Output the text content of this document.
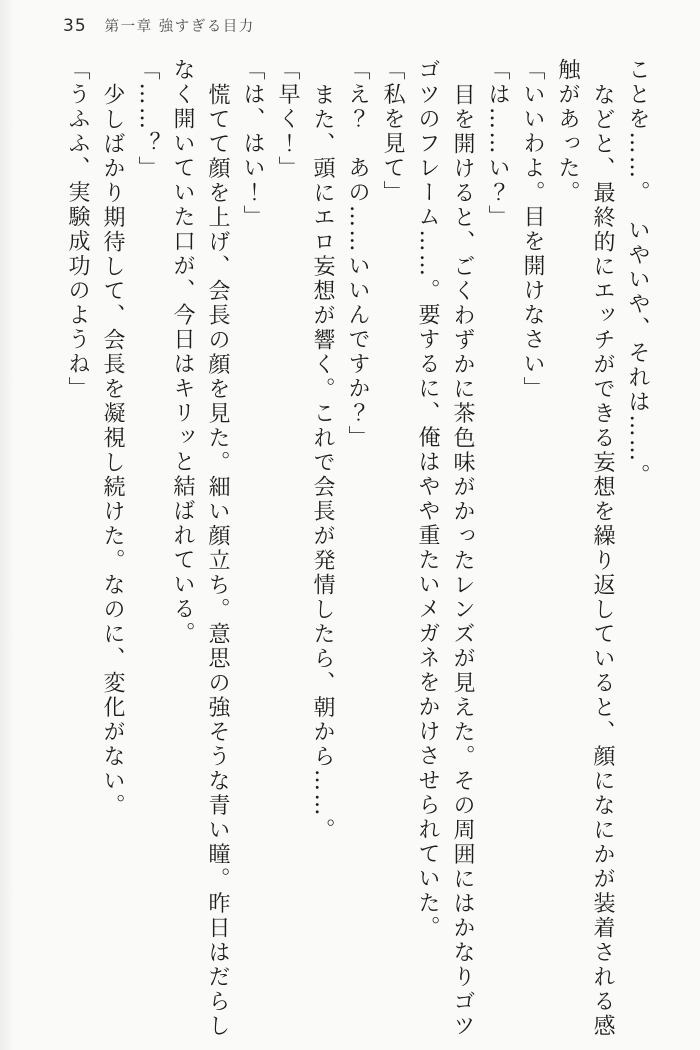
35 第一章 強すぎる目力

ことを……。　いやいや、それは……。

などと、最終的にエッチができる妄想を繰り返していると、顔になにかが装着される感

触があった。

「いいわよ。目を開けなさい」

「は……い？」

目を開けると、ごくわずかに茶色味がかったレンズが見えた。その周囲にはかなりゴツ

ゴツのフレーム……。要するに、俺はやや重たいメガネをかけさせられていた。

「私を見て」

「え？　あの……いいんですか？」

また、頭にエロ妄想が響く。これで会長が発情したら、朝から……。

「早く！」

「は、はい！」

慌てて顔を上げ、会長の顔を見た。細い顔立ち。意思の強そうな青い瞳。昨日はだらし

なく開いていた口が、今日はキリッと結ばれている。

「……？」

少しばかり期待して、会長を凝視し続けた。なのに、変化がない。

「うふふ、実験成功のようね」
